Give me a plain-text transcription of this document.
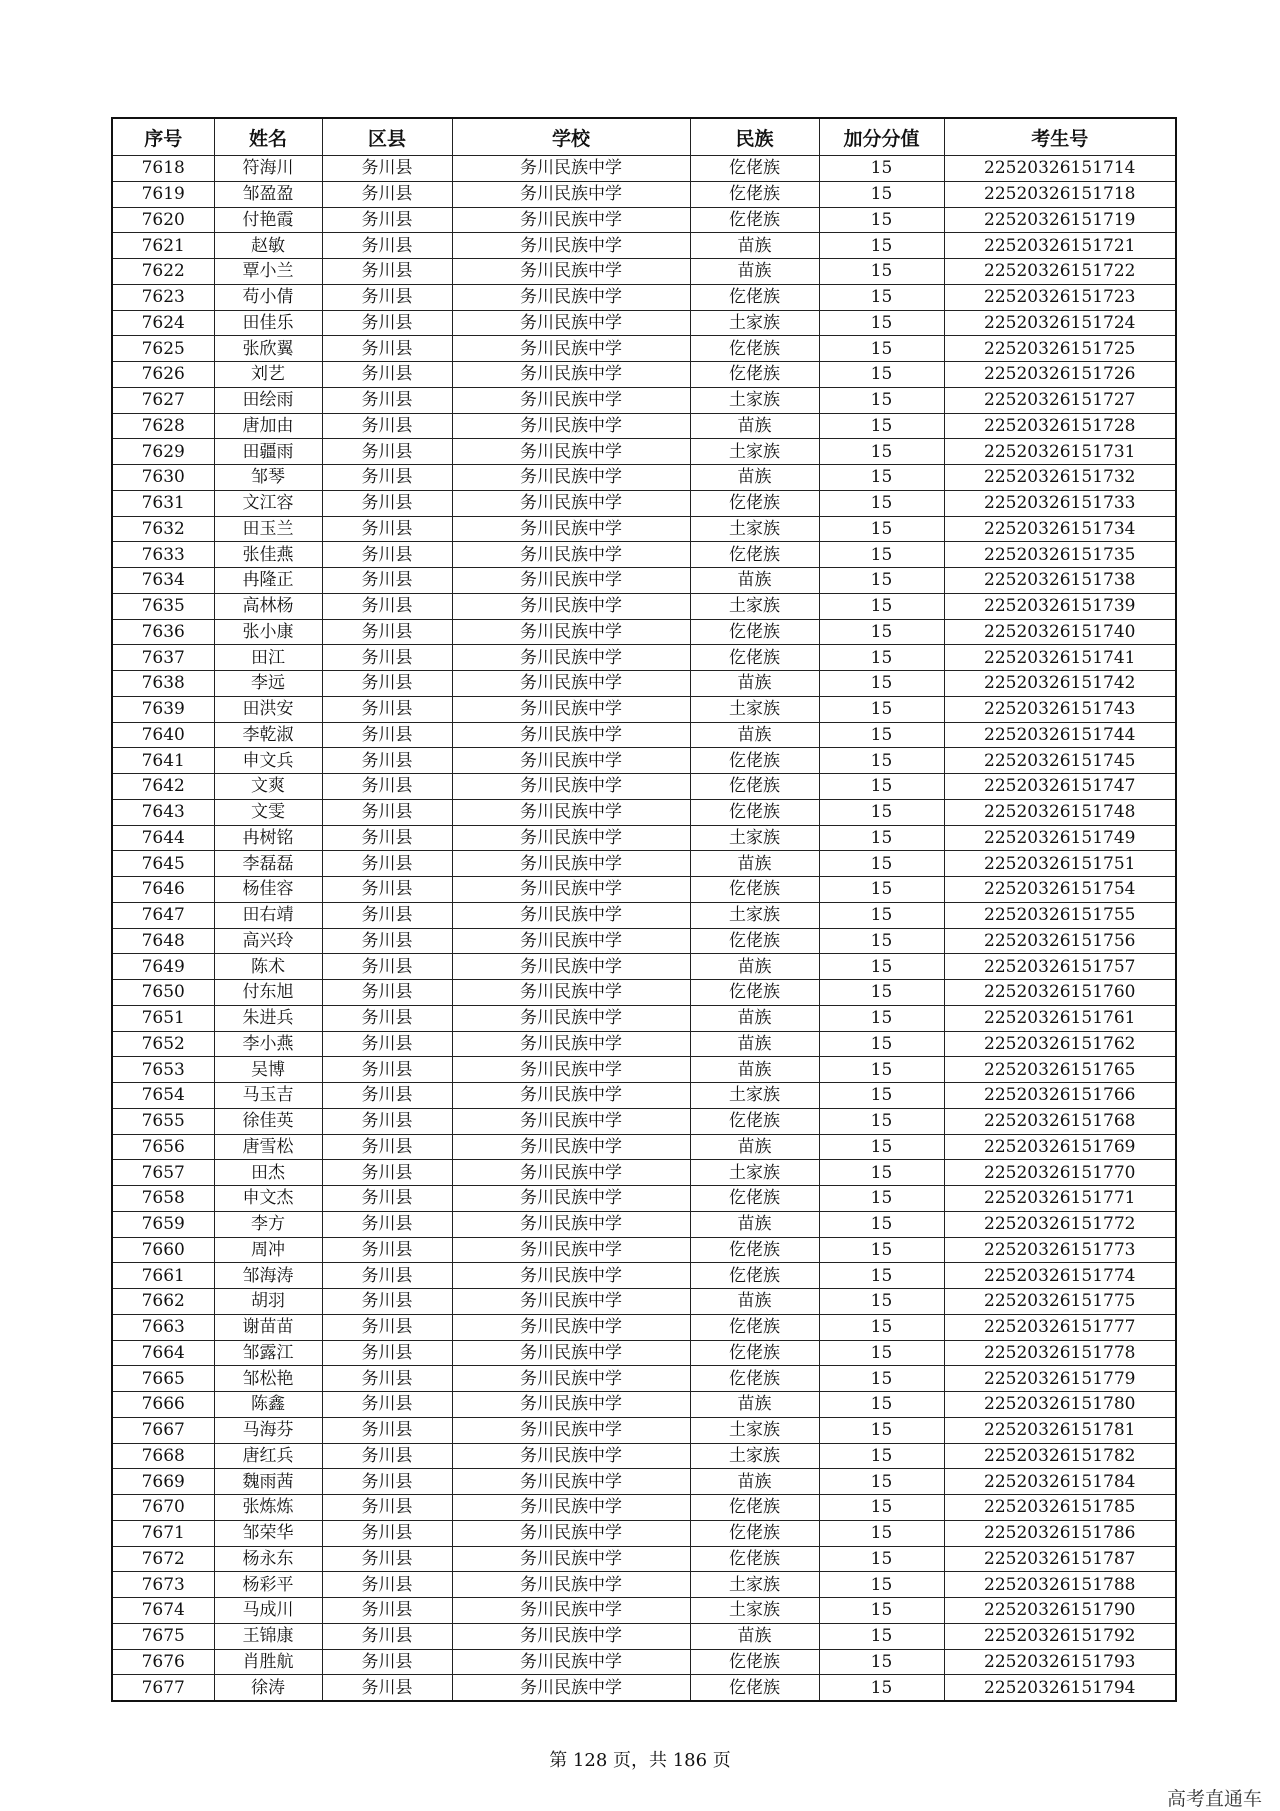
序号	姓名	区县	学校	民族	加分分值	考生号
7618	符海川	务川县	务川民族中学	仡佬族	15	22520326151714
7619	邹盈盈	务川县	务川民族中学	仡佬族	15	22520326151718
7620	付艳霞	务川县	务川民族中学	仡佬族	15	22520326151719
7621	赵敏	务川县	务川民族中学	苗族	15	22520326151721
7622	覃小兰	务川县	务川民族中学	苗族	15	22520326151722
7623	苟小倩	务川县	务川民族中学	仡佬族	15	22520326151723
7624	田佳乐	务川县	务川民族中学	土家族	15	22520326151724
7625	张欣翼	务川县	务川民族中学	仡佬族	15	22520326151725
7626	刘艺	务川县	务川民族中学	仡佬族	15	22520326151726
7627	田绘雨	务川县	务川民族中学	土家族	15	22520326151727
7628	唐加由	务川县	务川民族中学	苗族	15	22520326151728
7629	田疆雨	务川县	务川民族中学	土家族	15	22520326151731
7630	邹琴	务川县	务川民族中学	苗族	15	22520326151732
7631	文江容	务川县	务川民族中学	仡佬族	15	22520326151733
7632	田玉兰	务川县	务川民族中学	土家族	15	22520326151734
7633	张佳燕	务川县	务川民族中学	仡佬族	15	22520326151735
7634	冉隆正	务川县	务川民族中学	苗族	15	22520326151738
7635	高林杨	务川县	务川民族中学	土家族	15	22520326151739
7636	张小康	务川县	务川民族中学	仡佬族	15	22520326151740
7637	田江	务川县	务川民族中学	仡佬族	15	22520326151741
7638	李远	务川县	务川民族中学	苗族	15	22520326151742
7639	田洪安	务川县	务川民族中学	土家族	15	22520326151743
7640	李乾淑	务川县	务川民族中学	苗族	15	22520326151744
7641	申文兵	务川县	务川民族中学	仡佬族	15	22520326151745
7642	文爽	务川县	务川民族中学	仡佬族	15	22520326151747
7643	文雯	务川县	务川民族中学	仡佬族	15	22520326151748
7644	冉树铭	务川县	务川民族中学	土家族	15	22520326151749
7645	李磊磊	务川县	务川民族中学	苗族	15	22520326151751
7646	杨佳容	务川县	务川民族中学	仡佬族	15	22520326151754
7647	田右靖	务川县	务川民族中学	土家族	15	22520326151755
7648	高兴玲	务川县	务川民族中学	仡佬族	15	22520326151756
7649	陈术	务川县	务川民族中学	苗族	15	22520326151757
7650	付东旭	务川县	务川民族中学	仡佬族	15	22520326151760
7651	朱进兵	务川县	务川民族中学	苗族	15	22520326151761
7652	李小燕	务川县	务川民族中学	苗族	15	22520326151762
7653	吴博	务川县	务川民族中学	苗族	15	22520326151765
7654	马玉吉	务川县	务川民族中学	土家族	15	22520326151766
7655	徐佳英	务川县	务川民族中学	仡佬族	15	22520326151768
7656	唐雪松	务川县	务川民族中学	苗族	15	22520326151769
7657	田杰	务川县	务川民族中学	土家族	15	22520326151770
7658	申文杰	务川县	务川民族中学	仡佬族	15	22520326151771
7659	李方	务川县	务川民族中学	苗族	15	22520326151772
7660	周冲	务川县	务川民族中学	仡佬族	15	22520326151773
7661	邹海涛	务川县	务川民族中学	仡佬族	15	22520326151774
7662	胡羽	务川县	务川民族中学	苗族	15	22520326151775
7663	谢苗苗	务川县	务川民族中学	仡佬族	15	22520326151777
7664	邹露江	务川县	务川民族中学	仡佬族	15	22520326151778
7665	邹松艳	务川县	务川民族中学	仡佬族	15	22520326151779
7666	陈鑫	务川县	务川民族中学	苗族	15	22520326151780
7667	马海芬	务川县	务川民族中学	土家族	15	22520326151781
7668	唐红兵	务川县	务川民族中学	土家族	15	22520326151782
7669	魏雨茜	务川县	务川民族中学	苗族	15	22520326151784
7670	张炼炼	务川县	务川民族中学	仡佬族	15	22520326151785
7671	邹荣华	务川县	务川民族中学	仡佬族	15	22520326151786
7672	杨永东	务川县	务川民族中学	仡佬族	15	22520326151787
7673	杨彩平	务川县	务川民族中学	土家族	15	22520326151788
7674	马成川	务川县	务川民族中学	土家族	15	22520326151790
7675	王锦康	务川县	务川民族中学	苗族	15	22520326151792
7676	肖胜航	务川县	务川民族中学	仡佬族	15	22520326151793
7677	徐涛	务川县	务川民族中学	仡佬族	15	22520326151794
第 128 页，共 186 页
高考直通车
